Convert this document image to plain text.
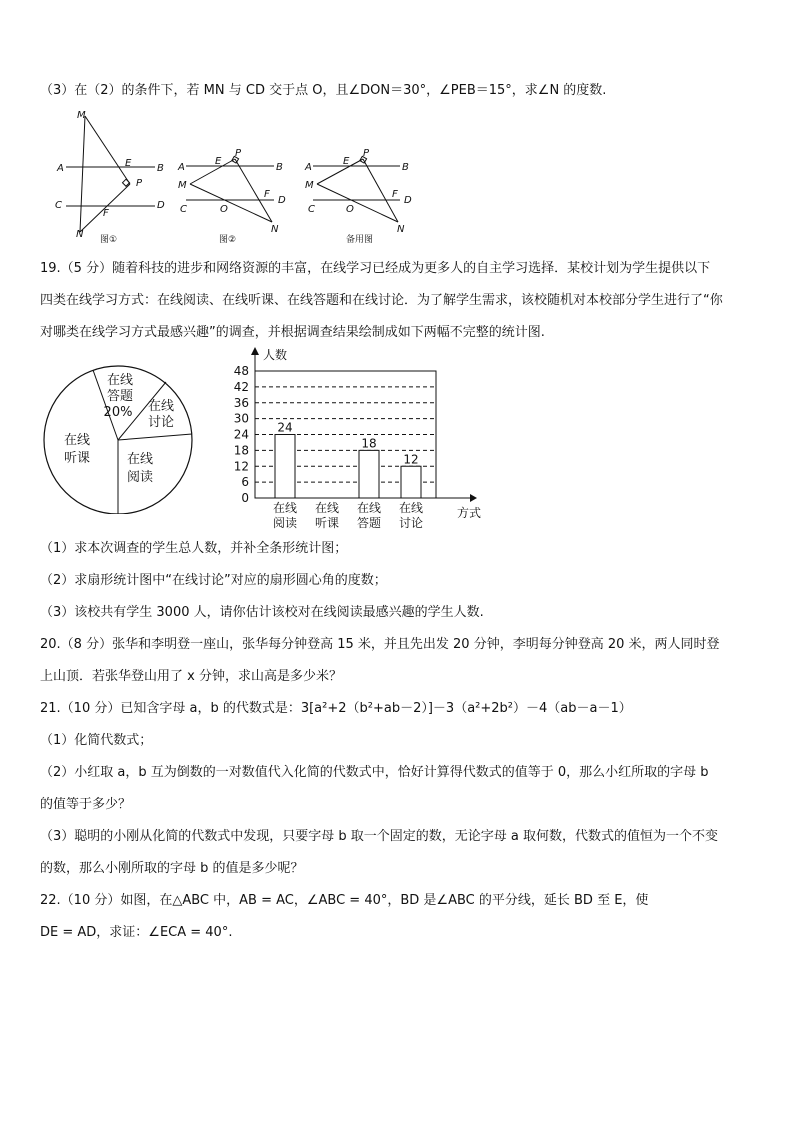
（3）在（2）的条件下，若 MN 与 CD 交于点 O，且∠DON＝30°，∠PEB＝15°，求∠N 的度数.
M
A	E	B
P
C
F
D
N 图①
A
E
P
B
M
F
D
C	O
N
图②
A
E
P
B
M
F
D
C	O
N
备用图
19.（5 分）随着科技的进步和网络资源的丰富，在线学习已经成为更多人的自主学习选择．某校计划为学生提供以下
四类在线学习方式：在线阅读、在线听课、在线答题和在线讨论．为了解学生需求，该校随机对本校部分学生进行了“你
对哪类在线学习方式最感兴趣”的调查，并根据调查结果绘制成如下两幅不完整的统计图.
在线
答题
20% 在线
讨论
在线
阅读
在线
听课
人数
方式
0
6
12
18
24
30
36
42
48
24
18
12
在线
阅读
在线
听课
在线
答题
在线
讨论
（1）求本次调查的学生总人数，并补全条形统计图；
（2）求扇形统计图中“在线讨论”对应的扇形圆心角的度数；
（3）该校共有学生 3000 人，请你估计该校对在线阅读最感兴趣的学生人数.
20.（8 分）张华和李明登一座山，张华每分钟登高 15 米，并且先出发 20 分钟，李明每分钟登高 20 米，两人同时登
上山顶．若张华登山用了 x 分钟，求山高是多少米？
21.（10 分）已知含字母 a，b 的代数式是：3[a²+2（b²+ab－2）]－3（a²+2b²）－4（ab－a－1）
（1）化简代数式；
（2）小红取 a，b 互为倒数的一对数值代入化简的代数式中，恰好计算得代数式的值等于 0，那么小红所取的字母 b
的值等于多少？
（3）聪明的小刚从化简的代数式中发现，只要字母 b 取一个固定的数，无论字母 a 取何数，代数式的值恒为一个不变
的数，那么小刚所取的字母 b 的值是多少呢？
22.（10 分）如图，在△ABC 中，AB = AC，∠ABC = 40°，BD 是∠ABC 的平分线，延长 BD 至 E，使
DE = AD，求证：∠ECA = 40°.
